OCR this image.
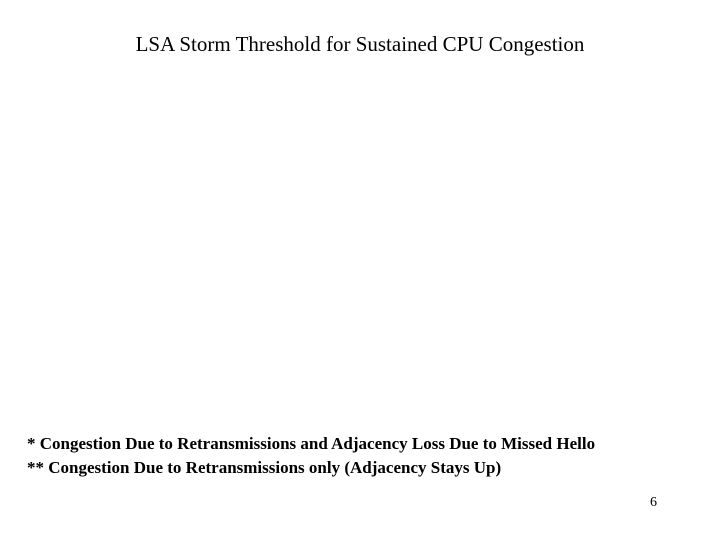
LSA Storm Threshold for Sustained CPU Congestion
* Congestion Due to Retransmissions and Adjacency Loss Due to Missed Hello
** Congestion Due to Retransmissions only (Adjacency Stays Up)
6
